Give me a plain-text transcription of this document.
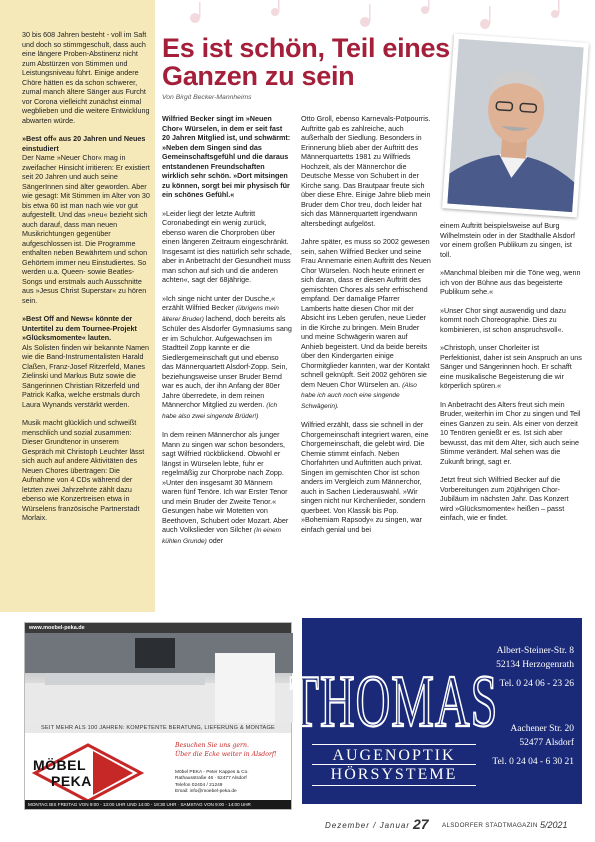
30 bis 608 Jahren besteht - voll im Saft und doch so stimmgeschult, dass auch eine längere Proben-Abstinenz nicht zum Abstürzen von Stimmen und Leistungsniveau führt. Einige andere Chöre hätten es da schon schwerer, zumal manch ältere Sänger aus Furcht vor Corona vielleicht zunächst einmal wegblieben und die weitere Entwicklung abwarten würde.

»Best off« aus 20 Jahren und Neues einstudiert

Der Name »Neuer Chor« mag in zweifacher Hinsicht irritieren: Er existiert seit 20 Jahren und auch seine SängerInnen sind älter geworden. Aber wie gesagt: Mit Stimmen im Alter von 30 bis etwa 60 ist man nach wie vor gut aufgestellt. Und das »neu« bezieht sich auch darauf, dass man neuen Musikrichtungen gegenüber aufgeschlossen ist. Die Programme enthalten neben Bewährtem und schon Gehörtem immer neu Einstudiertes. So werden u.a. Queen- sowie Beatles-Songs und erstmals auch Ausschnitte aus »Jesus Christ Superstar« zu hören sein.

»Best Off and News« könnte der Untertitel zu dem Tournee-Projekt »Glücksmomente« lauten.

Als Solisten finden wir bekannte Namen wie die Band-Instrumentalisten Harald Claßen, Franz-Josef Ritzerfeld, Manes Zielinski und Markus Butz sowie die Sängerinnen Christian Ritzerfeld und Patrick Kafka, welche erstmals durch Laura Wynands verstärkt werden.

Musik macht glücklich und schweißt menschlich und sozial zusammen: Dieser Grundtenor in unserem Gespräch mit Christoph Leuchter lässt sich auch auf andere Aktivitäten des Neuen Chores übertragen: Die Aufnahme von 4 CDs während der letzten zwei Jahrzehnte zählt dazu ebenso wie Konzertreisen etwa in Würselens französische Partnerstadt Morlaix.

Es ist schön, Teil eines Ganzen zu sein
Von Birgit Becker-Mannheims

Wilfried Becker singt im »Neuen Chor« Würselen, in dem er seit fast 20 Jahren Mitglied ist, und schwärmt: »Neben dem Singen sind das Gemeinschaftsgefühl und die daraus entstandenen Freundschaften wirklich sehr schön. »Dort mitsingen zu können, sorgt bei mir physisch für ein schönes Gefühl.«

»Leider liegt der letzte Auftritt Coronabedingt ein wenig zurück, ebenso waren die Chorproben über einen längeren Zeitraum eingeschränkt. Insgesamt ist dies natürlich sehr schade, aber in Anbetracht der Gesundheit muss man schon auf sich und die anderen achten«, sagt der 68jährige.

»Ich singe nicht unter der Dusche,« erzählt Wilfried Becker (übrigens mein älterer Bruder) lachend, doch bereits als Schüler des Alsdorfer Gymnasiums sang er im Schulchor. Aufgewachsen im Stadtteil Zopp kannte er die Siedlergemeinschaft gut und ebenso das Männerquartett Alsdorf-Zopp. Sein, beziehungsweise unser Bruder Bernd war es auch, der ihn Anfang der 80er Jahre überredete, in dem reinen Männerchor Mitglied zu werden. (Ich habe also zwei singende Brüder!)

In dem reinen Männerchor als junger Mann zu singen war schon besonders, sagt Wilfried rückblickend. Obwohl er längst in Würselen lebte, fuhr er regelmäßig zur Chorprobe nach Zopp. »Unter den insgesamt 30 Männern waren fünf Tenöre. Ich war Erster Tenor und mein Bruder der Zweite Tenor.« Gesungen habe wir Motetten von Beethoven, Schubert oder Mozart. Aber auch Volkslieder von Silcher (In einem kühlen Grunde) oder

Otto Groll, ebenso Karnevals-Potpourris. Auftritte gab es zahlreiche, auch außerhalb der Siedlung. Besonders in Erinnerung blieb aber der Auftritt des Männerquartetts 1981 zu Wilfrieds Hochzeit, als der Männerchor die Deutsche Messe von Schubert in der Kirche sang. Das Brautpaar freute sich über diese Ehre. Einige Jahre blieb mein Bruder dem Chor treu, doch leider hat sich das Männerquartett irgendwann altersbedingt aufgelöst.

Jahre später, es muss so 2002 gewesen sein, sahen Wilfried Becker und seine Frau Annemarie einen Auftritt des Neuen Chor Würselen. Noch heute erinnert er sich daran, dass er diesen Auftritt des gemischten Chores als sehr erfrischend empfand. Der damalige Pfarrer Lamberts hatte diesen Chor mit der Absicht ins Leben gerufen, neue Lieder in die Kirche zu bringen. Mein Bruder und meine Schwägerin waren auf Anhieb begeistert. Und da beide bereits über den Kindergarten einige Chormitglieder kannten, war der Kontakt schnell geknüpft. Seit 2002 gehören sie dem Neuen Chor Würselen an. (Also habe ich auch noch eine singende Schwägerin).

Wilfried erzählt, dass sie schnell in der Chorgemeinschaft integriert waren, eine Chorgemeinschaft, die gelebt wird. Die Chemie stimmt einfach. Neben Chorfahrten und Auftritten auch privat. Singen im gemischten Chor ist schon anders im Vergleich zum Männerchor, auch in Sachen Liederauswahl. »Wir singen nicht nur Kirchenlieder, sondern querbeet. Von Klassik bis Pop. »Bohemiam Rapsody« zu singen, war einfach genial und bei

einem Auftritt beispielsweise auf Burg Wilhelmstein oder in der Stadthalle Alsdorf vor einem großen Publikum zu singen, ist toll.

»Manchmal bleiben mir die Töne weg, wenn ich von der Bühne aus das begeisterte Publikum sehe.«

»Unser Chor singt auswendig und dazu kommt noch Choreographie. Dies zu kombinieren, ist schon anspruchsvoll«.

»Christoph, unser Chorleiter ist Perfektionist, daher ist sein Anspruch an uns Sänger und Sängerinnen hoch. Er schafft eine musikalische Begeisterung die wir körperlich spüren.«

In Anbetracht des Alters freut sich mein Bruder, weiterhin im Chor zu singen und Teil eines Ganzen zu sein. Als einer von derzeit 10 Tenören genießt er es. Ist sich aber bewusst, das mit dem Alter, sich auch seine Stimme verändert. Mal sehen was die Zukunft bringt, sagt er.

Jetzt freut sich Wilfried Becker auf die Vorbereitungen zum 20jährigen Chor-Jubiläum im nächsten Jahr. Das Konzert wird »Glücksmomente« heißen – passt einfach, wie er findet.

www.moebel-peka.de
SEIT MEHR ALS 100 JAHREN: KOMPETENTE BERATUNG, LIEFERUNG & MONTAGE
MÖBEL
PEKA
Besuchen Sie uns gern.
Über die Ecke weiter in Alsdorf!
Möbel PEKA - Peter Kappes & Co.
Rathausstraße 46 · 52477 Alsdorf
Telefon 02404 / 21249
Email: info@moebel-peka.de
MONTAG BIS FREITAG VON 9:00 - 13:00 UHR UND 14:00 - 18:30 UHR · SAMSTAG VON 9:00 - 14:00 UHR
THOMAS
AUGENOPTIK
HÖRSYSTEME
Albert-Steiner-Str. 8
52134 Herzogenrath
Tel. 0 24 06 - 23 26
Aachener Str. 20
52477 Alsdorf
Tel. 0 24 04 - 6 30 21
Dezember / Januar 27 ALSDORFER STADTMAGAZIN 5/2021
